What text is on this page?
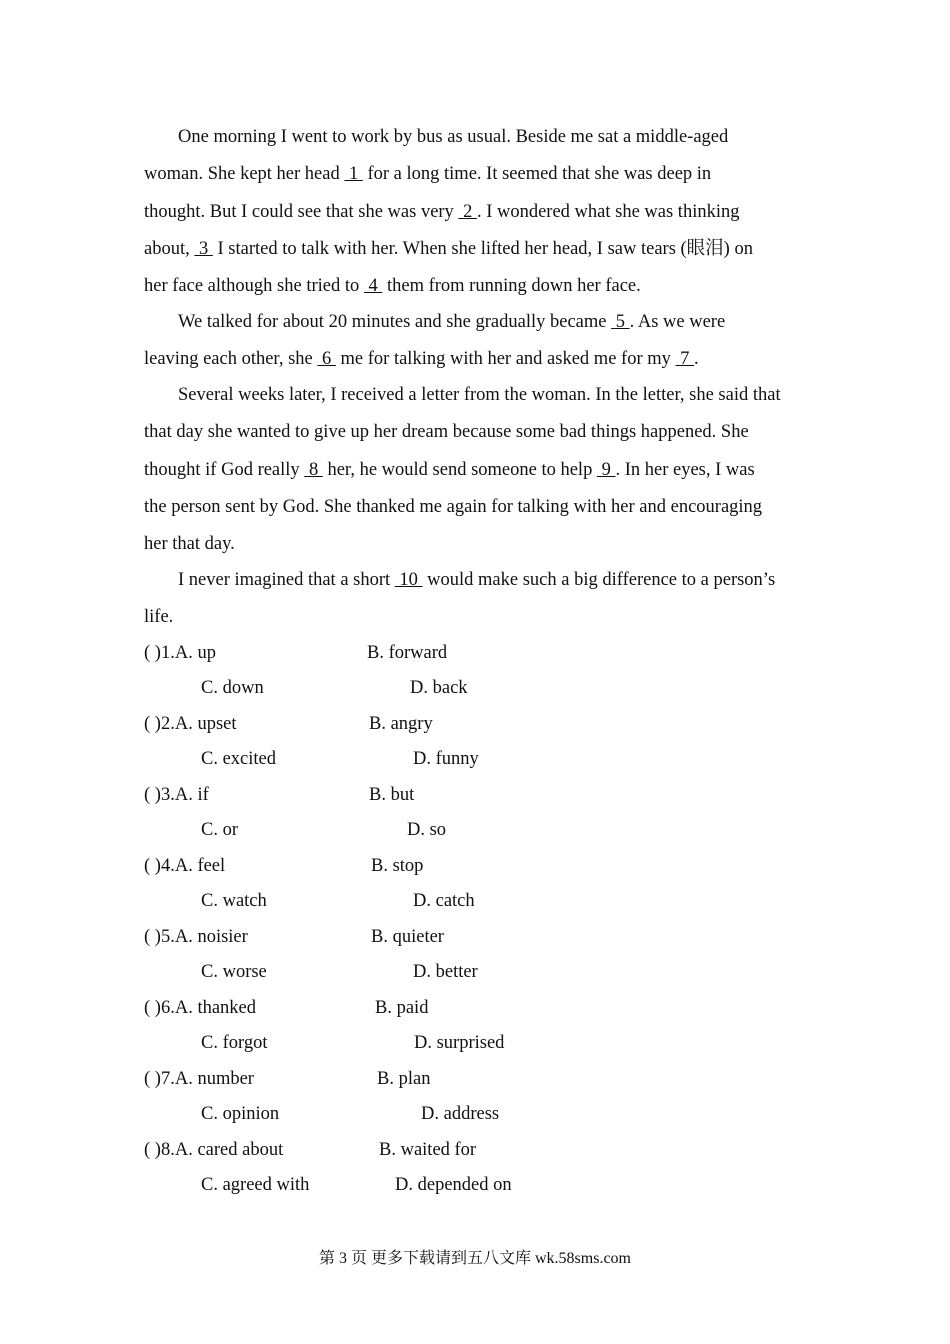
One morning I went to work by bus as usual. Beside me sat a middle-aged
woman. She kept her head  1  for a long time. It seemed that she was deep in
thought. But I could see that she was very  2 . I wondered what she was thinking
about,  3  I started to talk with her. When she lifted her head, I saw tears (眼泪) on
her face although she tried to  4  them from running down her face.
We talked for about 20 minutes and she gradually became  5 . As we were
leaving each other, she  6  me for talking with her and asked me for my  7 .
Several weeks later, I received a letter from the woman. In the letter, she said that
that day she wanted to give up her dream because some bad things happened. She
thought if God really  8  her, he would send someone to help  9 . In her eyes, I was
the person sent by God. She thanked me again for talking with her and encouraging
her that day.
I never imagined that a short  10  would make such a big difference to a person’s
life.
( )1.A. up	B. forward
C. down	D. back
( )2.A. upset	B. angry
C. excited	D. funny
( )3.A. if	B. but
C. or	D. so
( )4.A. feel	B. stop
C. watch	D. catch
( )5.A. noisier	B. quieter
C. worse	D. better
( )6.A. thanked	B. paid
C. forgot	D. surprised
( )7.A. number	B. plan
C. opinion	D. address
( )8.A. cared about	B. waited for
C. agreed with	D. depended on
第 3 页 更多下载请到五八文库 wk.58sms.com
